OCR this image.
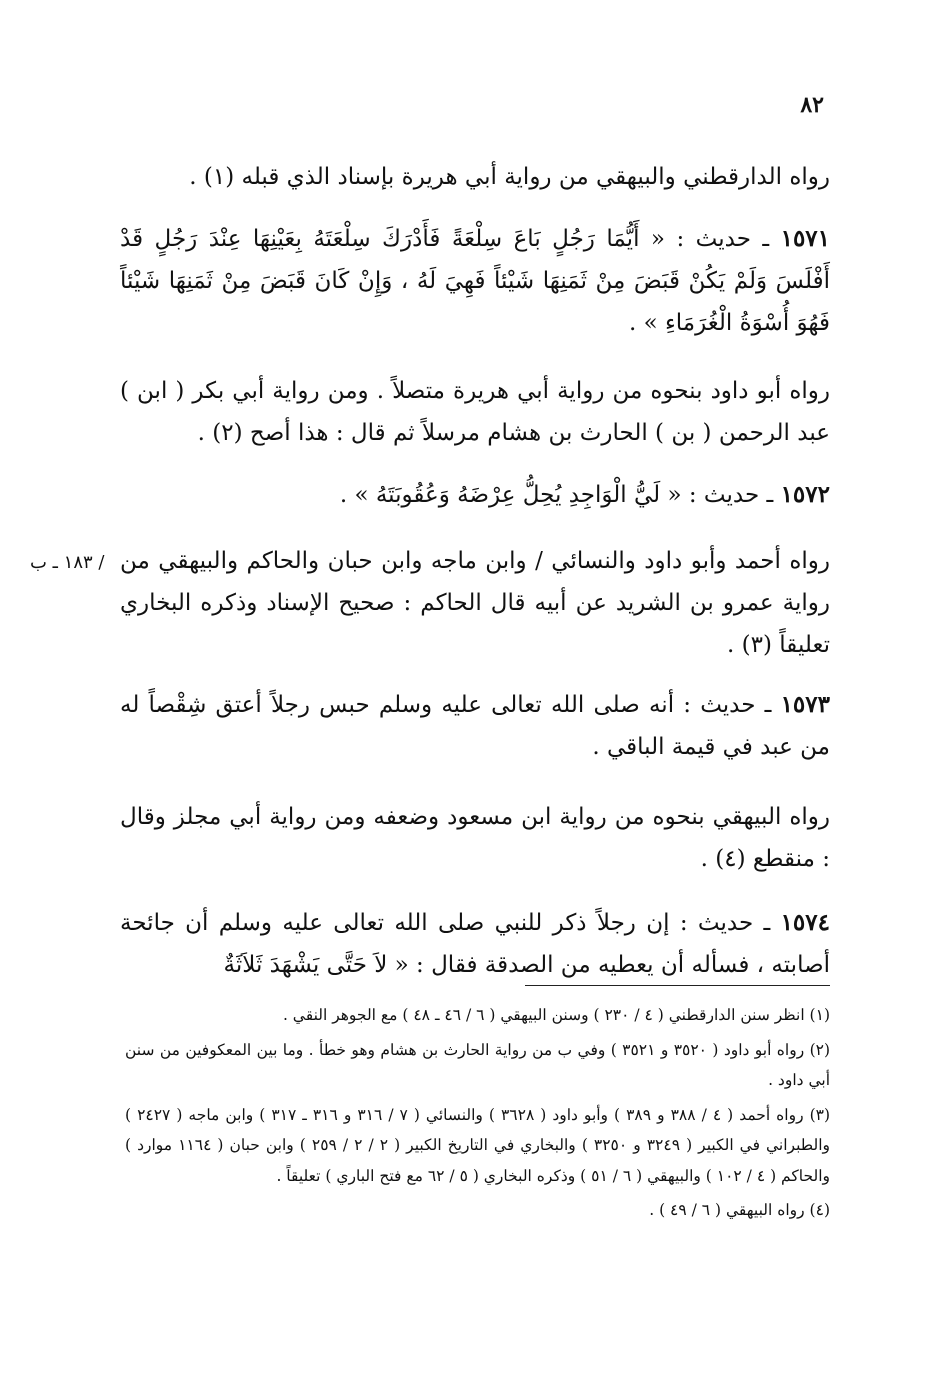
٨٢
/ ١٨٣ ـ ب
رواه الدارقطني والبيهقي من رواية أبي هريرة بإسناد الذي قبله (١) .
١٥٧١ ـ حديث : « أَيُّمَا رَجُلٍ بَاعَ سِلْعَةً فَأَدْرَكَ سِلْعَتَهُ بِعَيْنِهَا عِنْدَ رَجُلٍ قَدْ أَفْلَسَ وَلَمْ يَكُنْ قَبَضَ مِنْ ثَمَنِهَا شَيْئاً فَهِيَ لَهُ ، وَإِنْ كَانَ قَبَضَ مِنْ ثَمَنِهَا شَيْئاً فَهُوَ أُسْوَةُ الْغُرَمَاءِ » .
رواه أبو داود بنحوه من رواية أبي هريرة متصلاً . ومن رواية أبي بكر ( ابن ) عبد الرحمن ( بن ) الحارث بن هشام مرسلاً ثم قال : هذا أصح (٢) .
١٥٧٢ ـ حديث : « لَيُّ الْوَاجِدِ يُحِلُّ عِرْضَهُ وَعُقُوبَتَهُ » .
رواه أحمد وأبو داود والنسائي / وابن ماجه وابن حبان والحاكم والبيهقي من رواية عمرو بن الشريد عن أبيه قال الحاكم : صحيح الإسناد وذكره البخاري تعليقاً (٣) .
١٥٧٣ ـ حديث : أنه صلى الله تعالى عليه وسلم حبس رجلاً أعتق شِقْصاً له من عبد في قيمة الباقي .
رواه البيهقي بنحوه من رواية ابن مسعود وضعفه ومن رواية أبي مجلز وقال : منقطع (٤) .
١٥٧٤ ـ حديث : إن رجلاً ذكر للنبي صلى الله تعالى عليه وسلم أن جائحة أصابته ، فسأله أن يعطيه من الصدقة فقال : « لاَ حَتَّى يَشْهَدَ ثَلاَثَةٌ

(١) انظر سنن الدارقطني ( ٤ / ٢٣٠ ) وسنن البيهقي ( ٦ / ٤٦ ـ ٤٨ ) مع الجوهر النقي .

(٢) رواه أبو داود ( ٣٥٢٠ و ٣٥٢١ ) وفي ب من رواية الحارث بن هشام وهو خطأ . وما بين المعكوفين من سنن أبي داود .

(٣) رواه أحمد ( ٤ / ٣٨٨ و ٣٨٩ ) وأبو داود ( ٣٦٢٨ ) والنسائي ( ٧ / ٣١٦ و ٣١٦ ـ ٣١٧ ) وابن ماجه ( ٢٤٢٧ ) والطبراني في الكبير ( ٣٢٤٩ و ٣٢٥٠ ) والبخاري في التاريخ الكبير ( ٢ / ٢ / ٢٥٩ ) وابن حبان ( ١١٦٤ موارد ) والحاكم ( ٤ / ١٠٢ ) والبيهقي ( ٦ / ٥١ ) وذكره البخاري ( ٥ / ٦٢ مع فتح الباري ) تعليقاً .

(٤) رواه البيهقي ( ٦ / ٤٩ ) .
